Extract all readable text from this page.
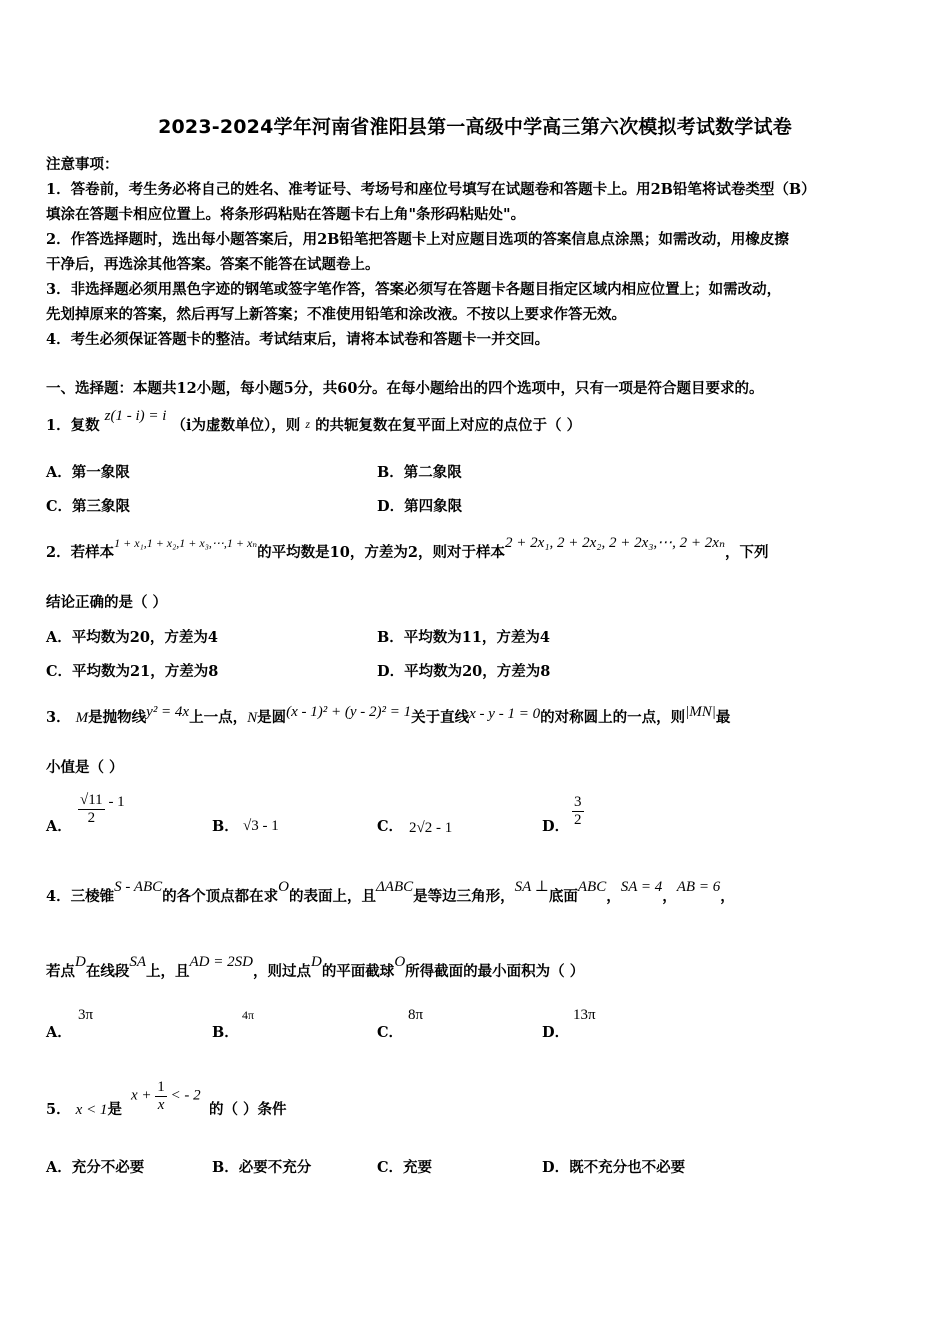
2023-2024学年河南省淮阳县第一高级中学高三第六次模拟考试数学试卷
注意事项：
1．答卷前，考生务必将自己的姓名、准考证号、考场号和座位号填写在试题卷和答题卡上。用2B铅笔将试卷类型（B）
填涂在答题卡相应位置上。将条形码粘贴在答题卡右上角"条形码粘贴处"。
2．作答选择题时，选出每小题答案后，用2B铅笔把答题卡上对应题目选项的答案信息点涂黑；如需改动，用橡皮擦
干净后，再选涂其他答案。答案不能答在试题卷上。
3．非选择题必须用黑色字迹的钢笔或签字笔作答，答案必须写在答题卡各题目指定区域内相应位置上；如需改动，
先划掉原来的答案，然后再写上新答案；不准使用铅笔和涂改液。不按以上要求作答无效。
4．考生必须保证答题卡的整洁。考试结束后，请将本试卷和答题卡一并交回。
一、选择题：本题共12小题，每小题5分，共60分。在每小题给出的四个选项中，只有一项是符合题目要求的。
1．复数 z(1 - i) = i （i为虚数单位），则 z 的共轭复数在复平面上对应的点位于（ ）
A．第一象限	B．第二象限
C．第三象限	D．第四象限
2．若样本$^{1 + x_1,1 + x_2,1 + x_3,\cdots,1 + x_n}$的平均数是10，方差为2，则对于样本2 + 2x₁, 2 + 2x₂, 2 + 2x₃,⋯, 2 + 2xₙ，下列
结论正确的是（ ）
A．平均数为20，方差为4	B．平均数为11，方差为4
C．平均数为21，方差为8	D．平均数为20，方差为8
3． M是抛物线y² = 4x上一点，N是圆(x - 1)² + (y - 2)² = 1关于直线x - y - 1 = 0的对称圆上的一点，则|MN|最
小值是（ ）
A．
$\frac{√11}{2} - 1$
B． √3 - 1	C． 2√2 - 1	D． $\frac{3}{2}$
4．三棱锥S - ABC的各个顶点都在求O的表面上，且ΔABC是等边三角形，SA ⊥底面ABC，SA = 4，AB = 6，
若点D在线段SA上，且AD = 2SD，则过点D的平面截球O所得截面的最小面积为（ ）
A．
3π
B．
4π
C．
8π
D．
13π
5． x < 1是
$x + \frac{1}{x}$ < - 2
的（ ）条件
A．充分不必要	B．必要不充分	C．充要	D．既不充分也不必要
